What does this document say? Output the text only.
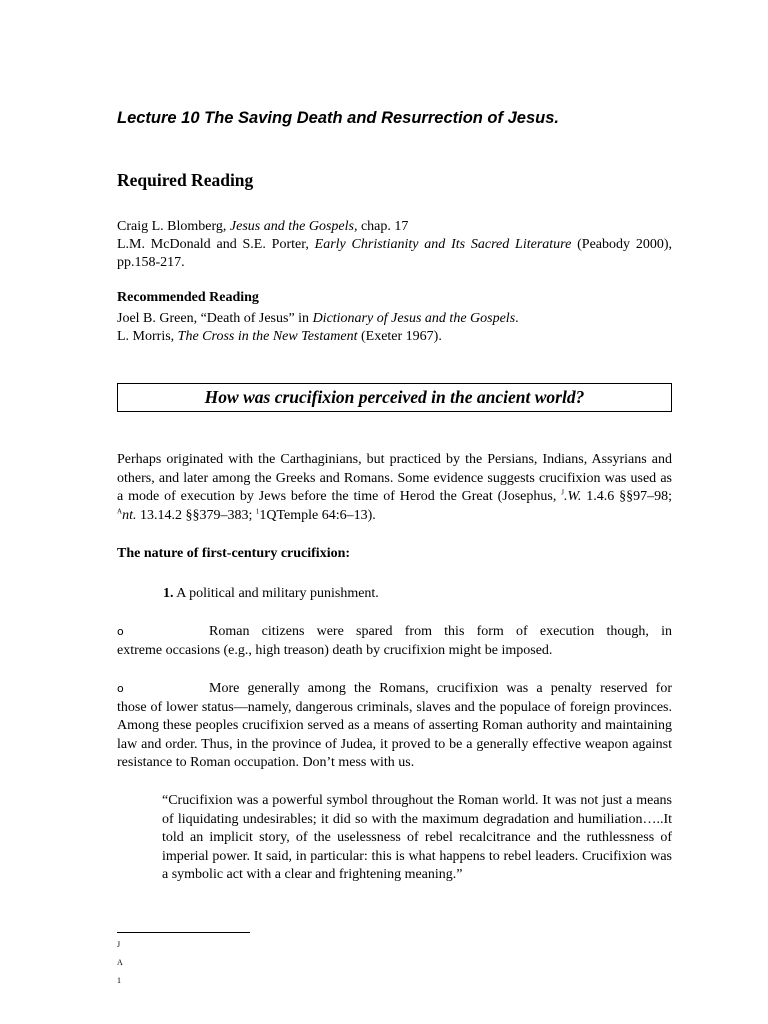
Lecture 10 The Saving Death and Resurrection of Jesus.
Required Reading

Craig L. Blomberg, Jesus and the Gospels, chap. 17

L.M. McDonald and S.E. Porter, Early Christianity and Its Sacred Literature (Peabody 2000), pp.158-217.

Recommended Reading

Joel B. Green, “Death of Jesus” in Dictionary of Jesus and the Gospels.

L. Morris, The Cross in the New Testament (Exeter 1967).

How was crucifixion perceived in the ancient world?

Perhaps originated with the Carthaginians, but practiced by the Persians, Indians, Assyrians and others, and later among the Greeks and Romans. Some evidence suggests crucifixion was used as a mode of execution by Jews before the time of Herod the Great (Josephus, $^J$.W. 1.4.6 §§97–98; $^A$nt. 13.14.2 §§379–383; $^1$1QTemple 64:6–13).

The nature of first-century crucifixion:

1. A political and military punishment.

o	Roman citizens were spared from this form of execution though, in
extreme occasions (e.g., high treason) death by crucifixion might be imposed.
o	More generally among the Romans, crucifixion was a penalty reserved for
those of lower status—namely, dangerous criminals, slaves and the populace of foreign provinces. Among these peoples crucifixion served as a means of asserting Roman authority and maintaining law and order. Thus, in the province of Judea, it proved to be a generally effective weapon against resistance to Roman occupation. Don’t mess with us.

“Crucifixion was a powerful symbol throughout the Roman world. It was not just a means of liquidating undesirables; it did so with the maximum degradation and humiliation…..It told an implicit story, of the uselessness of rebel recalcitrance and the ruthlessness of imperial power. It said, in particular: this is what happens to rebel leaders. Crucifixion was a symbolic act with a clear and frightening meaning.”

J

A

1
